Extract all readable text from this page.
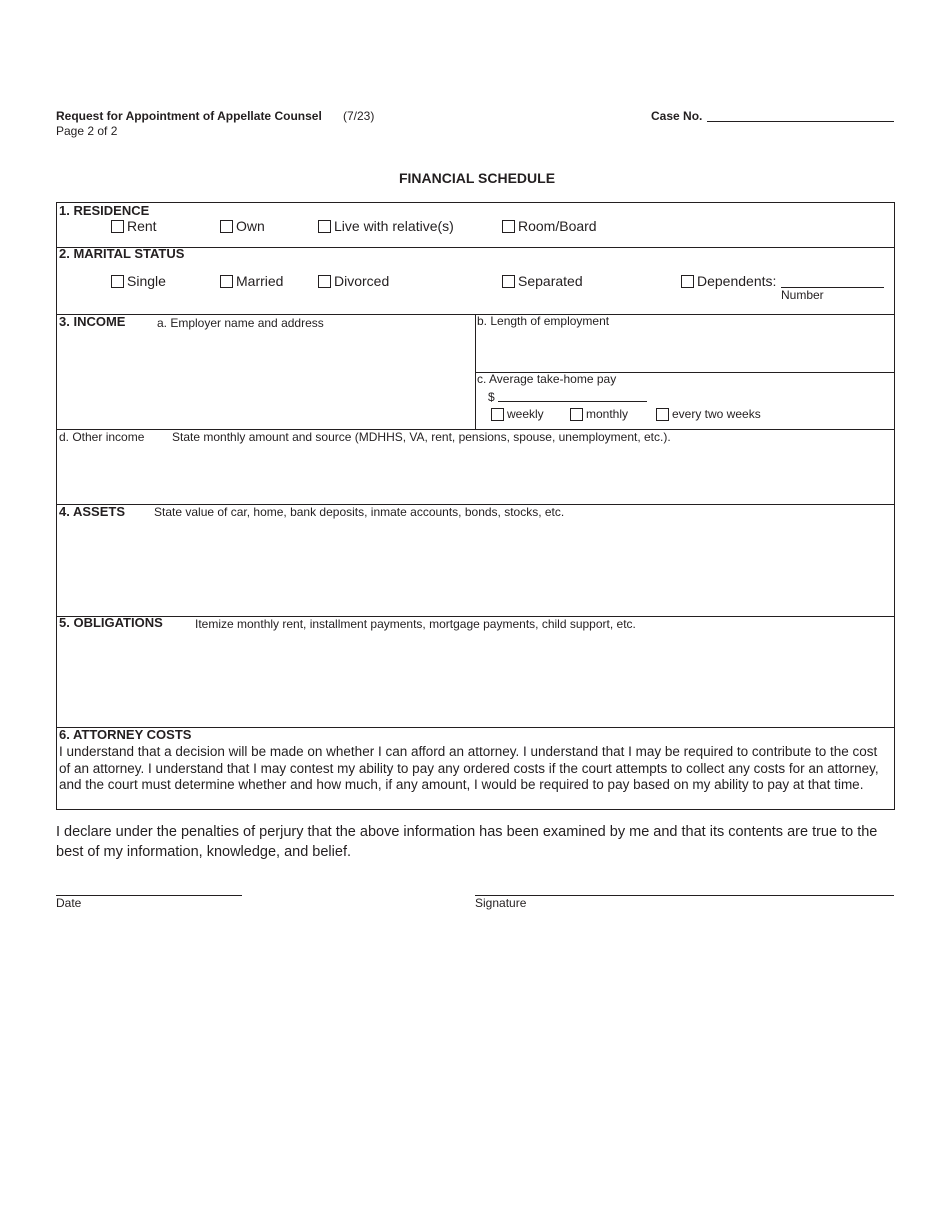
Request for Appointment of Appellate Counsel (7/23)
Page 2 of 2
Case No.
FINANCIAL SCHEDULE
1. RESIDENCE
Rent	Own	Live with relative(s)	Room/Board
2. MARITAL STATUS
Single	Married	Divorced	Separated	Dependents:
Number
3. INCOME	a. Employer name and address	b. Length of employment
c. Average take-home pay
$
weekly	monthly	every two weeks
d. Other income State monthly amount and source (MDHHS, VA, rent, pensions, spouse, unemployment, etc.).
4. ASSETS State value of car, home, bank deposits, inmate accounts, bonds, stocks, etc.
5. OBLIGATIONS	Itemize monthly rent, installment payments, mortgage payments, child support, etc.
6. ATTORNEY COSTS
I understand that a decision will be made on whether I can afford an attorney. I understand that I may be required to contribute to the cost of an attorney. I understand that I may contest my ability to pay any ordered costs if the court attempts to collect any costs for an attorney, and the court must determine whether and how much, if any amount, I would be required to pay based on my ability to pay at that time.
I declare under the penalties of perjury that the above information has been examined by me and that its contents are true to the best of my information, knowledge, and belief.
Date	Signature
